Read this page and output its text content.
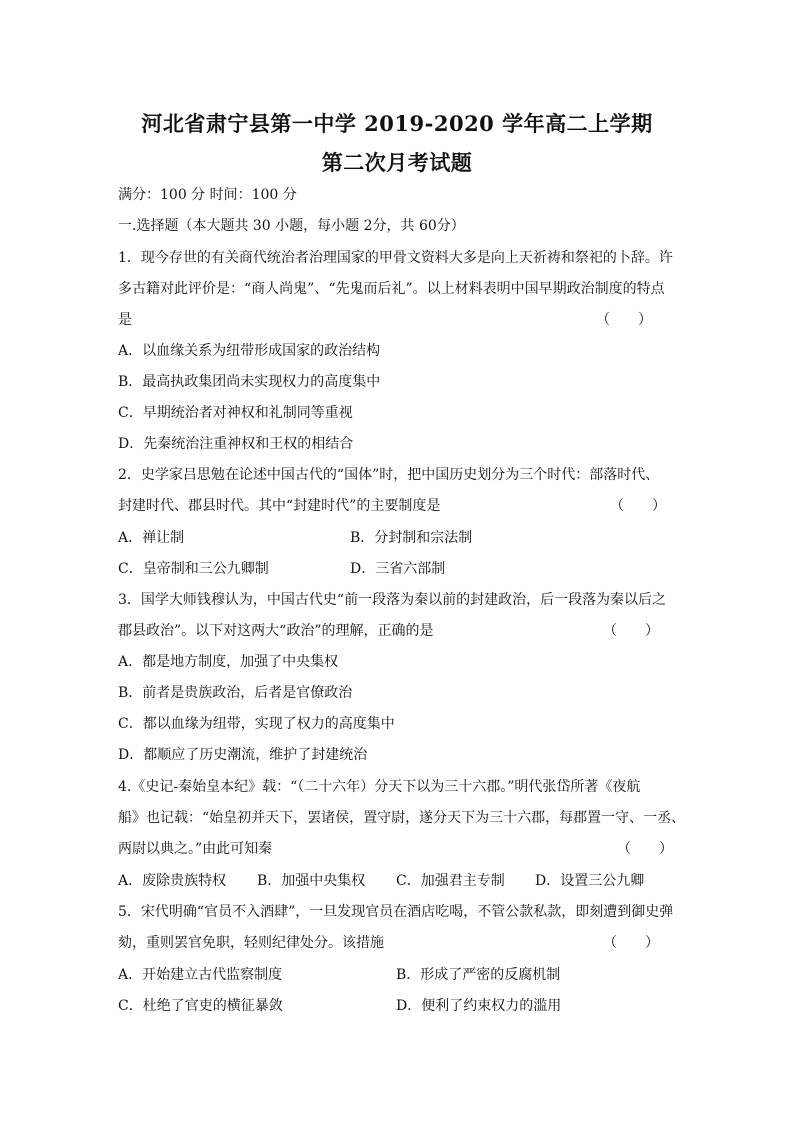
河北省肃宁县第一中学 2019-2020 学年高二上学期
第二次月考试题
满分：100 分 时间：100 分
一.选择题（本大题共 30 小题，每小题 2分，共 60分）
1．现今存世的有关商代统治者治理国家的甲骨文资料大多是向上天祈祷和祭祀的卜辞。许
多古籍对此评价是：“商人尚鬼”、“先鬼而后礼”。以上材料表明中国早期政治制度的特点
是	（　　）
A．以血缘关系为纽带形成国家的政治结构
B．最高执政集团尚未实现权力的高度集中
C．早期统治者对神权和礼制同等重视
D．先秦统治注重神权和王权的相结合
2．史学家吕思勉在论述中国古代的“国体”时，把中国历史划分为三个时代：部落时代、
封建时代、郡县时代。其中“封建时代”的主要制度是	（　　）
A．禅让制	B．分封制和宗法制
C．皇帝制和三公九卿制	D．三省六部制
3．国学大师钱穆认为，中国古代史“前一段落为秦以前的封建政治，后一段落为秦以后之
郡县政治”。以下对这两大“政治”的理解，正确的是	（　　）
A．都是地方制度，加强了中央集权
B．前者是贵族政治，后者是官僚政治
C．都以血缘为纽带，实现了权力的高度集中
D．都顺应了历史潮流，维护了封建统治
4.《史记-秦始皇本纪》载：“（二十六年）分天下以为三十六郡。”明代张岱所著《夜航
船》也记载：“始皇初并天下，罢诸侯，置守尉，遂分天下为三十六郡，每郡置一守、一丞、
两尉以典之。”由此可知秦	（　　）
A．废除贵族特权 B．加强中央集权 C．加强君主专制 D．设置三公九卿
5．宋代明确“官员不入酒肆”，一旦发现官员在酒店吃喝，不管公款私款，即刻遭到御史弹
劾，重则罢官免职，轻则纪律处分。该措施	（　　）
A．开始建立古代监察制度	B．形成了严密的反腐机制
C．杜绝了官吏的横征暴敛	D．便利了约束权力的滥用
